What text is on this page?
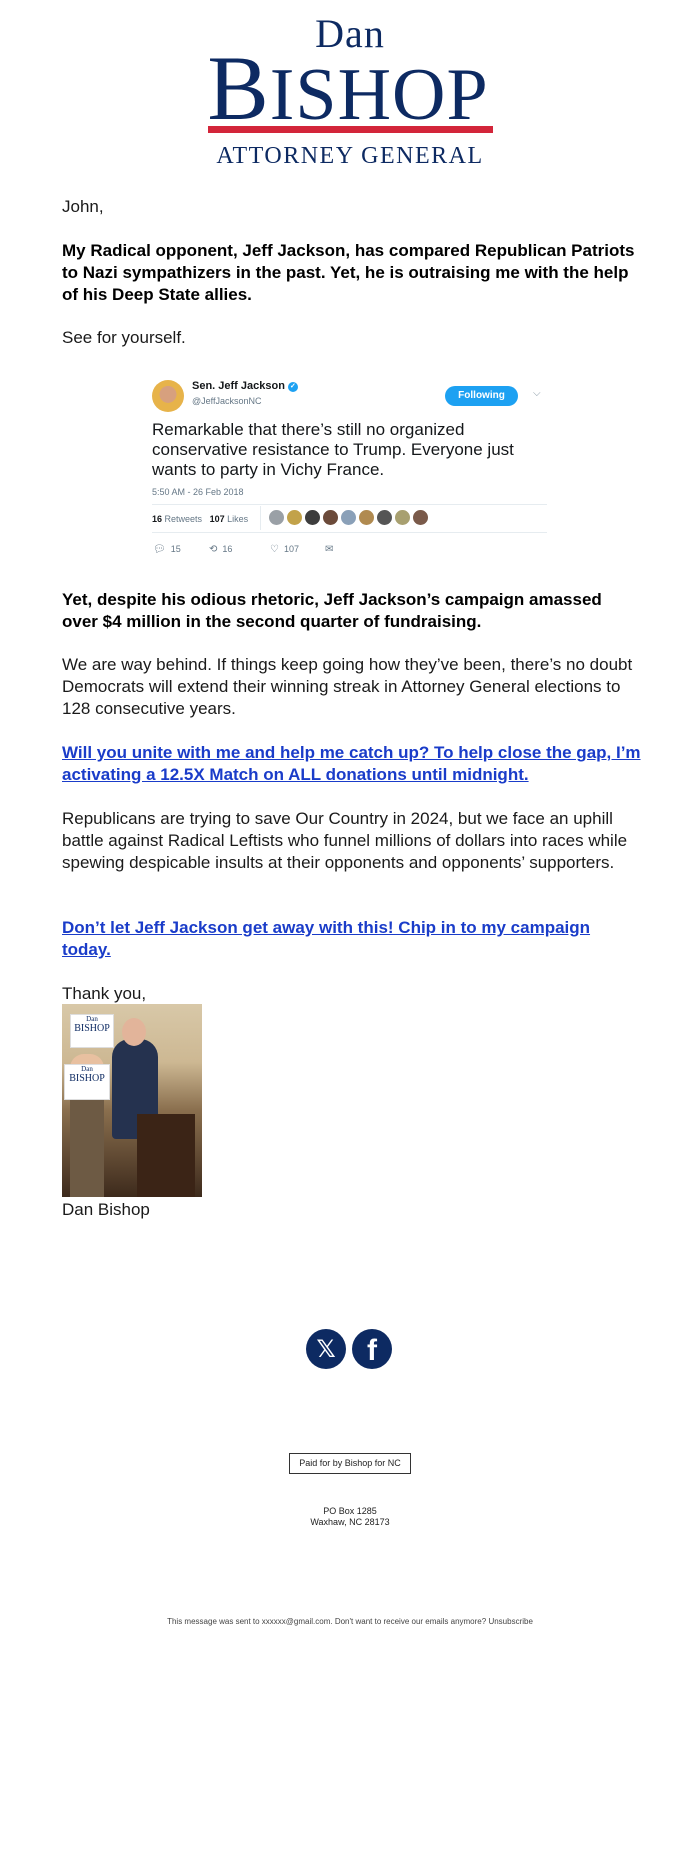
Dan
BISHOP
ATTORNEY GENERAL
John,
My Radical opponent, Jeff Jackson, has compared Republican Patriots to Nazi sympathizers in the past. Yet, he is outraising me with the help of his Deep State allies.
See for yourself.
Sen. Jeff Jackson ✓
@JeffJacksonNC	Following	⌵
Remarkable that there’s still no organized conservative resistance to Trump. Everyone just wants to party in Vichy France.
5:50 AM - 26 Feb 2018
16 Retweets 107 Likes
💬︎ 15	⟲ 16	♡ 107	✉
Yet, despite his odious rhetoric, Jeff Jackson’s campaign amassed over $4 million in the second quarter of fundraising.
We are way behind. If things keep going how they’ve been, there’s no doubt Democrats will extend their winning streak in Attorney General elections to 128 consecutive years.
Will you unite with me and help me catch up? To help close the gap, I’m activating a 12.5X Match on ALL donations until midnight.
Republicans are trying to save Our Country in 2024, but we face an uphill battle against Radical Leftists who funnel millions of dollars into races while spewing despicable insults at their opponents and opponents’ supporters.
Don’t let Jeff Jackson get away with this! Chip in to my campaign today.
Thank you,
Dan
BISHOP
Dan
BISHOP
Dan Bishop
𝕏	f
Paid for by Bishop for NC
PO Box 1285
Waxhaw, NC 28173
This message was sent to xxxxxx@gmail.com. Don't want to receive our emails anymore? Unsubscribe
